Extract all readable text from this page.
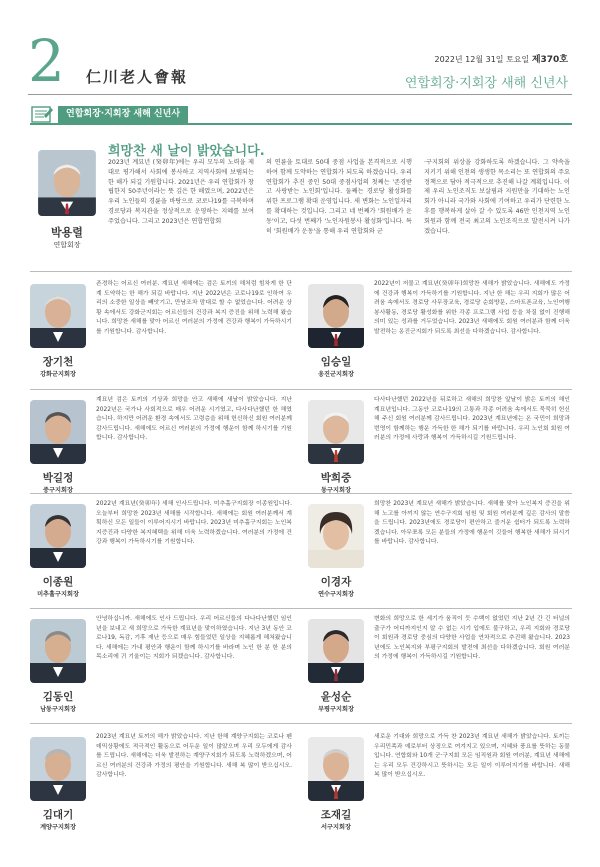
2 仁川老人會報
2022년 12월 31일 토요일 제370호
연합회장·지회장 새해 신년사
연합회장·지회장 새해 신년사
박용렬
연합회장
희망찬 새 날이 밝았습니다.
2023년 계묘년 (癸卯年)에는 우리 모두의 노력을 제대로 평가해서 사회에 봉사하고 지역사회에 보탬되는 한 해가 되길 기원합니다. 2021년은 우리 연합회가 창립한지 50주년이라는 뜻 깊은 한 해였으며, 2022년은 우리 노인들의 경륜을 바탕으로 코로나19를 극복하며 경로당과 복지관을 정상적으로 운영하는 지혜를 보여 주었습니다. 그리고 2023년은 연합연합회
의 연륜을 토대로 50대 중점 사업을 본격적으로 시행하여 함께 도약하는 연합회가 되도록 하겠습니다. 우리 연합회가 추진 중인 50대 중점사업의 첫째는 '존경받고 사랑받는 노인회'입니다. 둘째는 경로당 활성화를 위한 프로그램 확대 운영입니다. 새 변화는 노인일자리를 확대하는 것입니다. 그리고 네 번째가 '회원배가 운동'이고, 다섯 번째가 '노인자원봉사 활성화'입니다. 특히 '회원배가 운동'을 통해 우리 연합회와 군
·구지회의 위상을 강화하도록 하겠습니다. 그 약속을 지키기 위해 인천의 생생한 목소리는 또 연합회의 주요 정책으로 담아 적극적으로 추진해 나갈 계획입니다. 이제 우리 노인조직도 보살핌과 지원만을 기대하는 노인회가 아니라 국가와 사회에 기여하고 우리가 단련한 노후를 행복하게 살아 갈 수 있도록 46만 인천지역 노인회원과 함께 전국 최고의 노인조직으로 발전시켜 나가겠습니다.
장기천
강화군지회장
존경하는 어르신 여러분. 계묘년 새해에는 검은 토끼의 해처럼 힘차게 한 단계 도약하는 한 해가 되길 바랍니다. 지난 2022년은 코로나19로 인하여 우리의 소중한 일상을 빼앗기고, 만남조차 맘대로 할 수 없었습니다. 어려운 상황 속에서도 강화군지회는 어르신들의 건강과 복지 증진을 위해 노력해 왔습니다. 희망찬 새해를 맞아 어르신 여러분의 가정에 건강과 행복이 가득하시기를 기원합니다. 감사합니다.
임승일
옹진군지회장
2022년이 저물고 계묘년(癸卯年)희망찬 새해가 밝았습니다. 새해에도 가정에 건강과 행복이 가득하기를 기원합니다. 지난 한 해는 우리 지회가 많은 어려움 속에서도 경로당 사무장교육, 경로당 순회방문, 스마트폰교육, 노인여행봉사활동, 경로당 활성화를 위한 각종 프로그램 사업 등을 차질 없이 진행해 의미 있는 성과를 거두었습니다. 2023년 새해에도 회원 여러분과 함께 더욱 발전하는 옹진군지회가 되도록 최선을 다하겠습니다. 감사합니다.
박길정
중구지회장
계묘년 검은 토끼의 기상과 희망을 안고 새해에 새날이 밝았습니다. 지난 2022년은 국가나 사회적으로 매우 어려운 시기였고, 다사다난했던 한 해였습니다. 하지만 어려운 환경 속에서도 고령층을 위해 헌신하신 회원 여러분께 감사드립니다. 새해에도 어르신 여러분의 가정에 행운이 함께 하시기를 기원합니다. 감사합니다.
박희중
동구지회장
다사다난했던 2022년을 뒤로하고 새해의 희망찬 앞날이 밝은 토끼의 해인 계묘년입니다. 그동안 코로나19의 고통과 각종 어려움 속에서도 묵묵히 헌신해 주신 회원 여러분께 감사드립니다. 2023년 계묘년에는 온 국민이 희망과 번영이 함께하는 행운 가득한 한 해가 되기를 바랍니다. 우리 노인회 회원 여러분의 가정에 사랑과 행복이 가득하시길 기원드립니다.
이종원
미추홀구지회장
2022년 계묘년(癸卯年) 새해 인사드립니다. 미추홀구지회장 이종원입니다. 오늘부터 희망찬 2023년 새해를 시작합니다. 새해에는 회원 여러분께서 계획하신 모든 일들이 이루어지시기 바랍니다. 2023년 미추홀구지회는 노인복지증진과 다양한 복지혜택을 위해 더욱 노력하겠습니다. 여러분의 가정에 건강과 행복이 가득하시기를 기원합니다.
이경자
연수구지회장
희망찬 2023년 계묘년 새해가 밝았습니다. 새해를 맞아 노인복지 증진을 위해 노고를 아끼지 않는 연수구지회 임원 및 회원 여러분께 깊은 감사의 말씀을 드립니다. 2023년에도 경로당이 편안하고 즐거운 쉼터가 되도록 노력하겠습니다. 아무쪼록 모든 분들의 가정에 행운이 깃들어 행복한 새해가 되시기를 바랍니다. 감사합니다.
김동인
남동구지회장
안녕하십니까. 새해에도 인사 드립니다. 우리 어르신들의 다나다난했던 임인년을 보내고 새 희망으로 가득한 계묘년을 맞이하였습니다. 지난 3년 동안 코로나19, 독감, 기후 재난 등으로 매우 힘들었던 일상을 지혜롭게 헤쳐왔습니다. 새해에는 가내 평안과 행운이 함께 하시기를 바라며 노인 한 분 한 분의 목소리에 귀 기울이는 지회가 되겠습니다. 감사합니다.
윤성순
부평구지회장
변화의 희망으로 한 세기가 움직이 듯 수백이 없었던 지난 2년 간 긴 터널의 출구가 어디까지인지 알 수 없는 시기 입에도 불구하고, 우리 지회와 경로당이 회원과 경로당 중심의 다양한 사업을 연차적으로 추진해 왔습니다. 2023년에도 노인복지와 부평구지회의 발전에 최선을 다하겠습니다. 회원 여러분의 가정에 행복이 가득하시길 기원합니다.
김대기
계양구지회장
2023년 계묘년 토끼의 해가 밝았습니다. 지난 한해 계양구지회는 코로나 펜데믹상황에도 적극적인 활동으로 어두운 일이 많았으며 우리 모두에게 감사를 드립니다. 새해에는 더욱 발전하는 계양구지회가 되도록 노력하겠으며, 어르신 여러분의 건강과 가정의 평안을 기원합니다. 새해 복 많이 받으십시오. 감사합니다.
조재길
서구지회장
새로운 기대와 희망으로 가득 찬 2023년 계묘년 새해가 밝았습니다. 토끼는 우리민족과 예로부터 상징으로 여겨지고 있으며, 지혜와 풍요를 뜻하는 동물입니다. 연합회와 10개 군·구지회 모든 임직원과 회원 여러분, 계묘년 새해에는 우리 모두 건강하시고 뜻하시는 모든 일이 이루어지기를 바랍니다. 새해 복 많이 받으십시오.
